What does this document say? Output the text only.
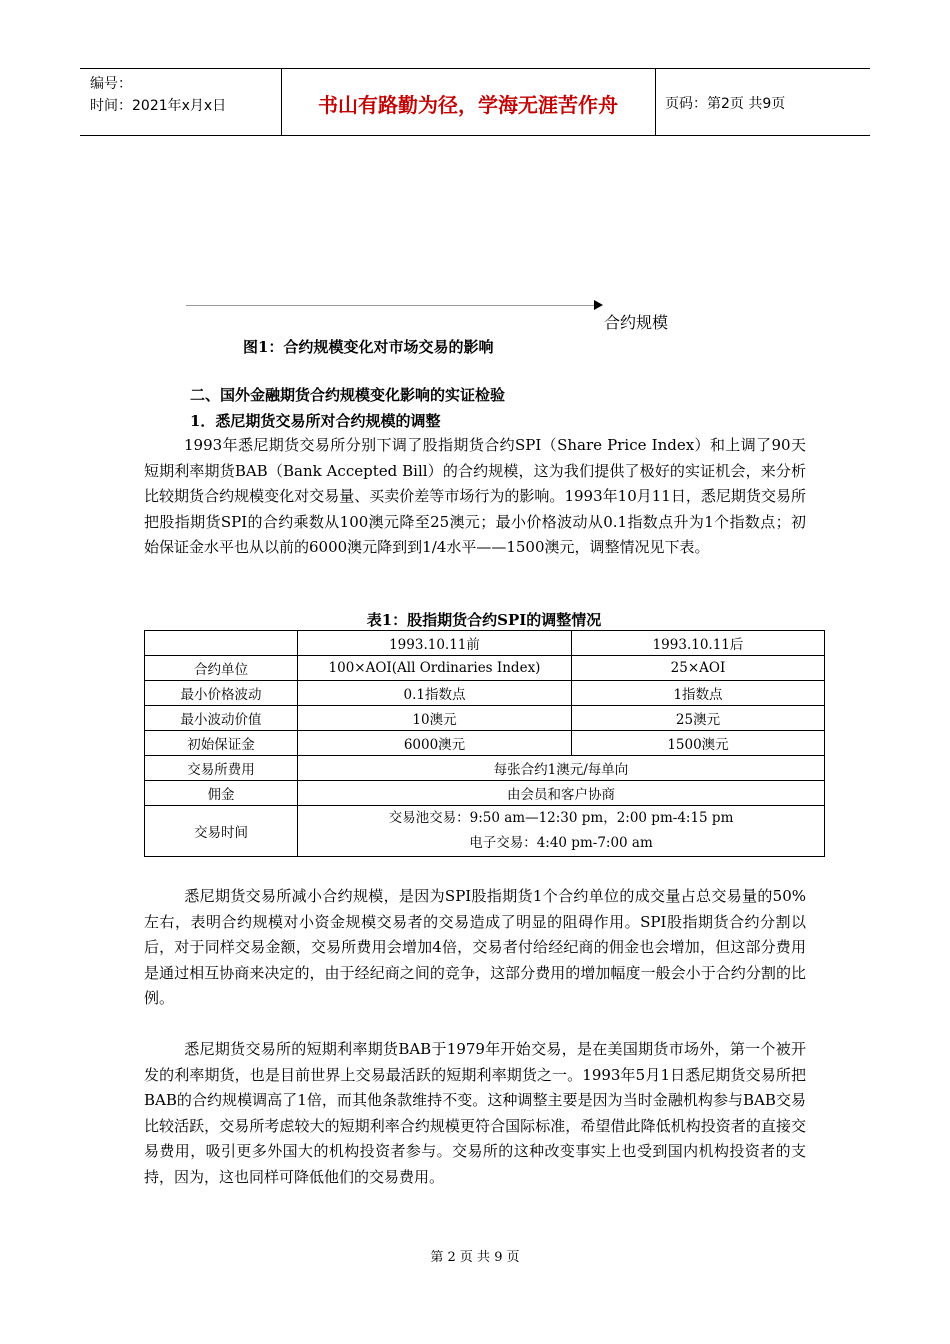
编号：
时间：2021年x月x日	书山有路勤为径，学海无涯苦作舟	页码：第2页 共9页
合约规模
图1：合约规模变化对市场交易的影响
二、国外金融期货合约规模变化影响的实证检验
1．悉尼期货交易所对合约规模的调整

1993年悉尼期货交易所分别下调了股指期货合约SPI（Share Price Index）和上调了90天短期利率期货BAB（Bank Accepted Bill）的合约规模，这为我们提供了极好的实证机会，来分析比较期货合约规模变化对交易量、买卖价差等市场行为的影响。1993年10月11日，悉尼期货交易所把股指期货SPI的合约乘数从100澳元降至25澳元；最小价格波动从0.1指数点升为1个指数点；初始保证金水平也从以前的6000澳元降到到1/4水平——1500澳元，调整情况见下表。

表1：股指期货合约SPI的调整情况
	1993.10.11前	1993.10.11后
合约单位	100×AOI(All Ordinaries Index)	25×AOI
最小价格波动	0.1指数点	1指数点
最小波动价值	10澳元	25澳元
初始保证金	6000澳元	1500澳元
交易所费用	每张合约1澳元/每单向	
佣金	由会员和客户协商	
交易时间	交易池交易：9:50 am—12:30 pm，2:00 pm-4:15 pm
电子交易：4:40 pm-7:00 am	

悉尼期货交易所减小合约规模，是因为SPI股指期货1个合约单位的成交量占总交易量的50%左右，表明合约规模对小资金规模交易者的交易造成了明显的阻碍作用。SPI股指期货合约分割以后，对于同样交易金额，交易所费用会增加4倍，交易者付给经纪商的佣金也会增加，但这部分费用是通过相互协商来决定的，由于经纪商之间的竞争，这部分费用的增加幅度一般会小于合约分割的比例。

悉尼期货交易所的短期利率期货BAB于1979年开始交易，是在美国期货市场外，第一个被开发的利率期货，也是目前世界上交易最活跃的短期利率期货之一。1993年5月1日悉尼期货交易所把BAB的合约规模调高了1倍，而其他条款维持不变。这种调整主要是因为当时金融机构参与BAB交易比较活跃，交易所考虑较大的短期利率合约规模更符合国际标准，希望借此降低机构投资者的直接交易费用，吸引更多外国大的机构投资者参与。交易所的这种改变事实上也受到国内机构投资者的支持，因为，这也同样可降低他们的交易费用。

第 2 页 共 9 页
